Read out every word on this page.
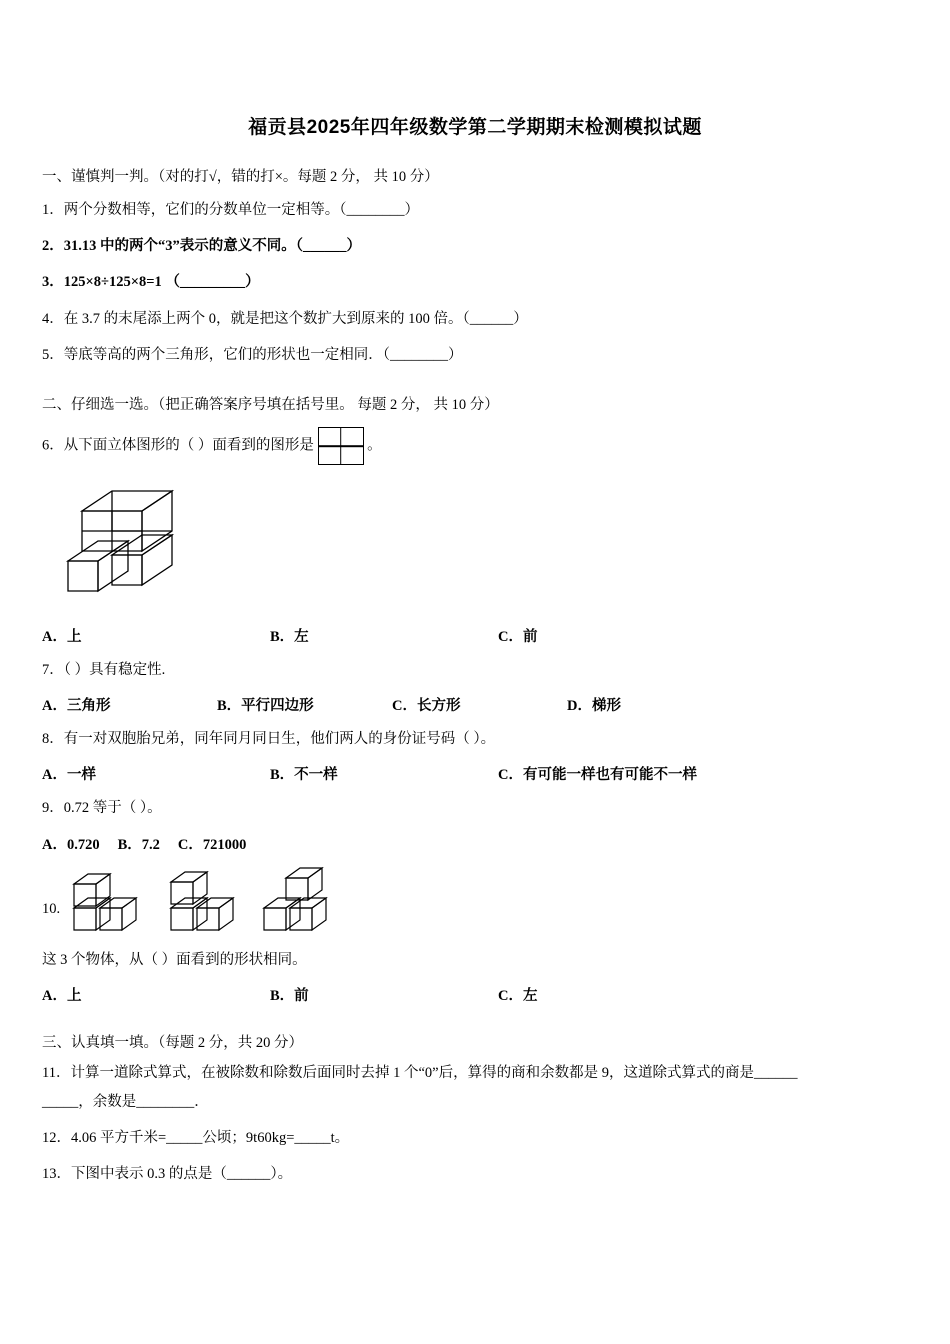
福贡县2025年四年级数学第二学期期末检测模拟试题
一、谨慎判一判。（对的打√，错的打×。每题 2 分， 共 10 分）
1．两个分数相等，它们的分数单位一定相等。（________）
2．31.13 中的两个“3”表示的意义不同。（______）
3．125×8÷125×8=1 （_________）
4．在 3.7 的末尾添上两个 0，就是把这个数扩大到原来的 100 倍。（______）
5．等底等高的两个三角形，它们的形状也一定相同．（________）
二、仔细选一选。（把正确答案序号填在括号里。 每题 2 分， 共 10 分）
6．从下面立体图形的（ ）面看到的图形是	。
A．上	B．左	C．前
7．（ ）具有稳定性.
A．三角形	B．平行四边形	C．长方形	D．梯形
8．有一对双胞胎兄弟，同年同月同日生，他们两人的身份证号码（ ）。
A．一样	B．不一样	C．有可能一样也有可能不一样
9．0.72 等于（ ）。
A．0.720 B．7.2 C．721000
10.
这 3 个物体，从（ ）面看到的形状相同。
A．上	B．前	C．左
三、认真填一填。（每题 2 分，共 20 分）
11．计算一道除式算式，在被除数和除数后面同时去掉 1 个“0”后，算得的商和余数都是 9，这道除式算式的商是______
_____，余数是________．
12．4.06 平方千米=_____公顷；9t60kg=_____t。
13．下图中表示 0.3 的点是（______）。
